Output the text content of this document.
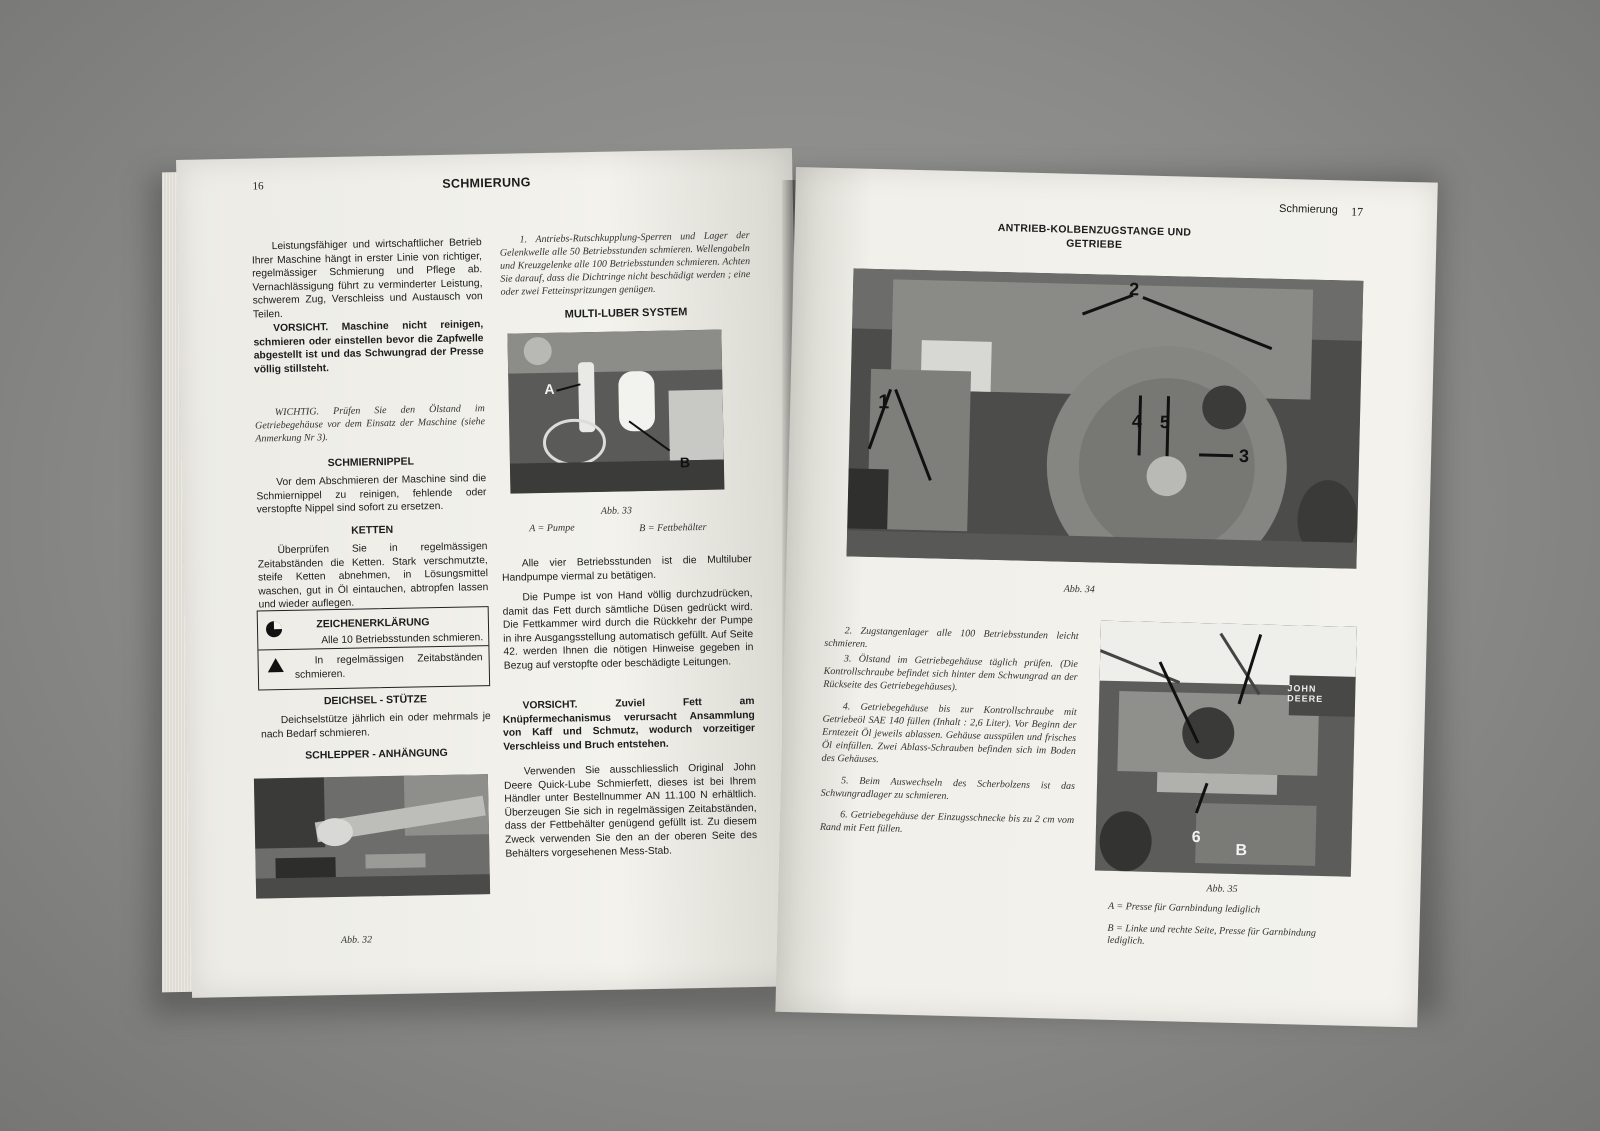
16	SCHMIERUNG

Leistungsfähiger und wirtschaftlicher Betrieb Ihrer Maschine hängt in erster Linie von richtiger, regelmässiger Schmierung und Pflege ab. Vernachlässigung führt zu verminderter Leistung, schwerem Zug, Verschleiss und Austausch von Teilen.

VORSICHT. Maschine nicht reinigen, schmieren oder einstellen bevor die Zapfwelle abgestellt ist und das Schwungrad der Presse völlig stillsteht.

WICHTIG. Prüfen Sie den Ölstand im Getriebegehäuse vor dem Einsatz der Maschine (siehe Anmerkung Nr 3).

SCHMIERNIPPEL

Vor dem Abschmieren der Maschine sind die Schmiernippel zu reinigen, fehlende oder verstopfte Nippel sind sofort zu ersetzen.

KETTEN

Überprüfen Sie in regelmässigen Zeitabständen die Ketten. Stark verschmutzte, steife Ketten abnehmen, in Lösungsmittel waschen, gut in Öl eintauchen, abtropfen lassen und wieder auflegen.

ZEICHENERKLÄRUNG
Alle 10 Betriebsstunden schmieren.
In regelmässigen Zeitabständen schmieren.
DEICHSEL - STÜTZE

Deichselstütze jährlich ein oder mehrmals je nach Bedarf schmieren.

SCHLEPPER - ANHÄNGUNG
Abb. 32

1. Antriebs-Rutschkupplung-Sperren und Lager der Gelenkwelle alle 50 Betriebsstunden schmieren. Wellengabeln und Kreuzgelenke alle 100 Betriebsstunden schmieren. Achten Sie darauf, dass die Dichtringe nicht beschädigt werden ; eine oder zwei Fetteinspritzungen genügen.

MULTI-LUBER SYSTEM
A
B
Abb. 33
A = Pumpe	B = Fettbehälter

Alle vier Betriebsstunden ist die Multiluber Handpumpe viermal zu betätigen.

Die Pumpe ist von Hand völlig durchzudrücken, damit das Fett durch sämtliche Düsen gedrückt wird. Die Fettkammer wird durch die Rückkehr der Pumpe in ihre Ausgangsstellung automatisch gefüllt. Auf Seite 42. werden Ihnen die nötigen Hinweise gegeben in Bezug auf verstopfte oder beschädigte Leitungen.

VORSICHT. Zuviel Fett am Knüpfermechanismus verursacht Ansammlung von Kaff und Schmutz, wodurch vorzeitiger Verschleiss und Bruch entstehen.

Verwenden Sie ausschliesslich Original John Deere Quick-Lube Schmierfett, dieses ist bei Ihrem Händler unter Bestellnummer AN 11.100 N erhältlich. Überzeugen Sie sich in regelmässigen Zeitabständen, dass der Fettbehälter genügend gefüllt ist. Zu diesem Zweck verwenden Sie den an der oberen Seite des Behälters vorgesehenen Mess-Stab.

Schmierung 17
ANTRIEB-KOLBENZUGSTANGE UND
GETRIEBE
1
2
3
4 5
Abb. 34

2. Zugstangenlager alle 100 Betriebsstunden leicht schmieren.

3. Ölstand im Getriebegehäuse täglich prüfen. (Die Kontrollschraube befindet sich hinter dem Schwungrad an der Rückseite des Getriebegehäuses).

4. Getriebegehäuse bis zur Kontrollschraube mit Getriebeöl SAE 140 füllen (Inhalt : 2,6 Liter). Vor Beginn der Erntezeit Öl jeweils ablassen. Gehäuse ausspülen und frisches Öl einfüllen. Zwei Ablass-Schrauben befinden sich im Boden des Gehäuses.

5. Beim Auswechseln des Scherbolzens ist das Schwungradlager zu schmieren.

6. Getriebegehäuse der Einzugsschnecke bis zu 2 cm vom Rand mit Fett füllen.

JOHN DEERE
6
B
Abb. 35
A = Presse für Garnbindung lediglich
B = Linke und rechte Seite, Presse für Garnbindung lediglich.
